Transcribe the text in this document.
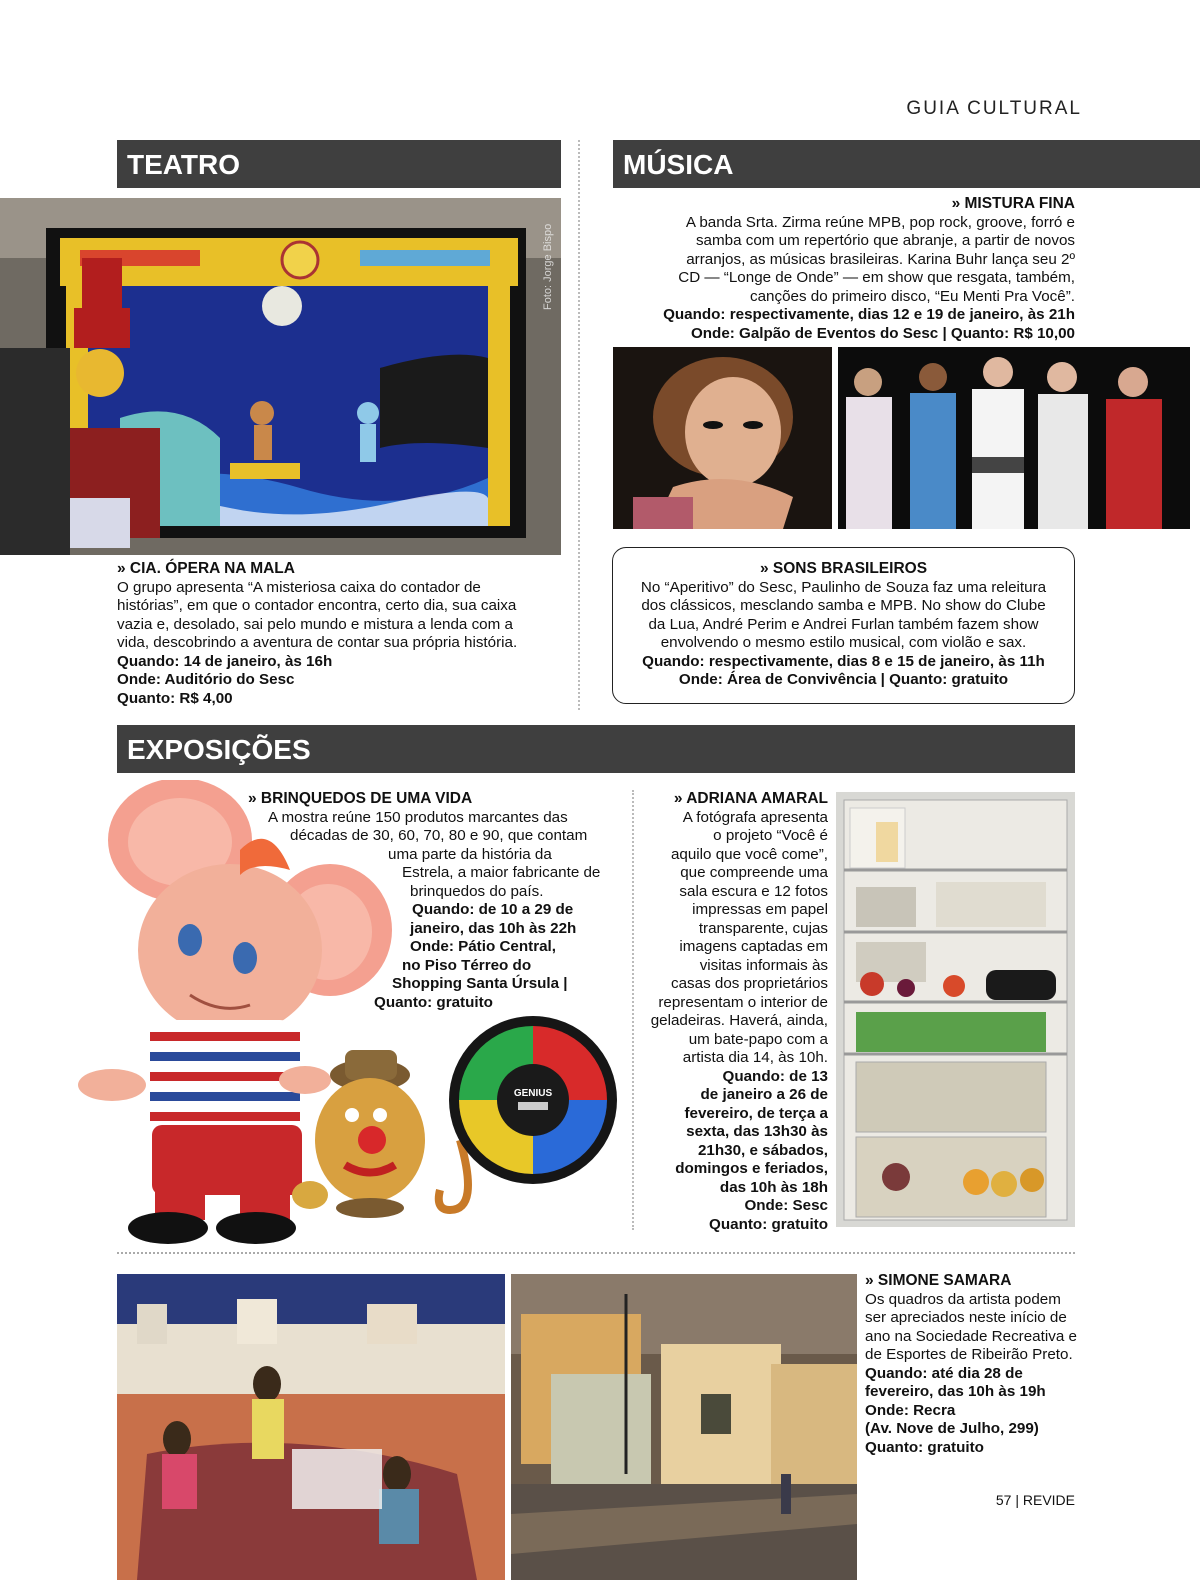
GUIA CULTURAL
TEATRO
Foto: Jorge Bispo

» CIA. ÓPERA NA MALA

O grupo apresenta “A misteriosa caixa do contador de

histórias”, em que o contador encontra, certo dia, sua caixa

vazia e, desolado, sai pelo mundo e mistura a lenda com a

vida, descobrindo a aventura de contar sua própria história.

Quando: 14 de janeiro, às 16h

Onde: Auditório do Sesc

Quanto: R$ 4,00

MÚSICA

» MISTURA FINA

A banda Srta. Zirma reúne MPB, pop rock, groove, forró e

samba com um repertório que abranje, a partir de novos

arranjos, as músicas brasileiras. Karina Buhr lança seu 2º

CD — “Longe de Onde” — em show que resgata, também,

canções do primeiro disco, “Eu Menti Pra Você”.

Quando: respectivamente, dias 12 e 19 de janeiro, às 21h

Onde: Galpão de Eventos do Sesc | Quanto: R$ 10,00

» SONS BRASILEIROS

No “Aperitivo” do Sesc, Paulinho de Souza faz uma releitura

dos clássicos, mesclando samba e MPB. No show do Clube

da Lua, André Perim e Andrei Furlan também fazem show

envolvendo o mesmo estilo musical, com violão e sax.

Quando: respectivamente, dias 8 e 15 de janeiro, às 11h

Onde: Área de Convivência | Quanto: gratuito

EXPOSIÇÕES
GENIUS

» BRINQUEDOS DE UMA VIDA

A mostra reúne 150 produtos marcantes das

décadas de 30, 60, 70, 80 e 90, que contam

uma parte da história da

Estrela, a maior fabricante de

brinquedos do país.

Quando: de 10 a 29 de

janeiro, das 10h às 22h

Onde: Pátio Central,

no Piso Térreo do

Shopping Santa Úrsula |

Quanto: gratuito

» ADRIANA AMARAL

A fotógrafa apresenta

o projeto “Você é

aquilo que você come”,

que compreende uma

sala escura e 12 fotos

impressas em papel

transparente, cujas

imagens captadas em

visitas informais às

casas dos proprietários

representam o interior de

geladeiras. Haverá, ainda,

um bate-papo com a

artista dia 14, às 10h.

Quando: de 13

de janeiro a 26 de

fevereiro, de terça a

sexta, das 13h30 às

21h30, e sábados,

domingos e feriados,

das 10h às 18h

Onde: Sesc

Quanto: gratuito

» SIMONE SAMARA

Os quadros da artista podem

ser apreciados neste início de

ano na Sociedade Recreativa e

de Esportes de Ribeirão Preto.

Quando: até dia 28 de

fevereiro, das 10h às 19h

Onde: Recra

(Av. Nove de Julho, 299)

Quanto: gratuito

57 | REVIDE
